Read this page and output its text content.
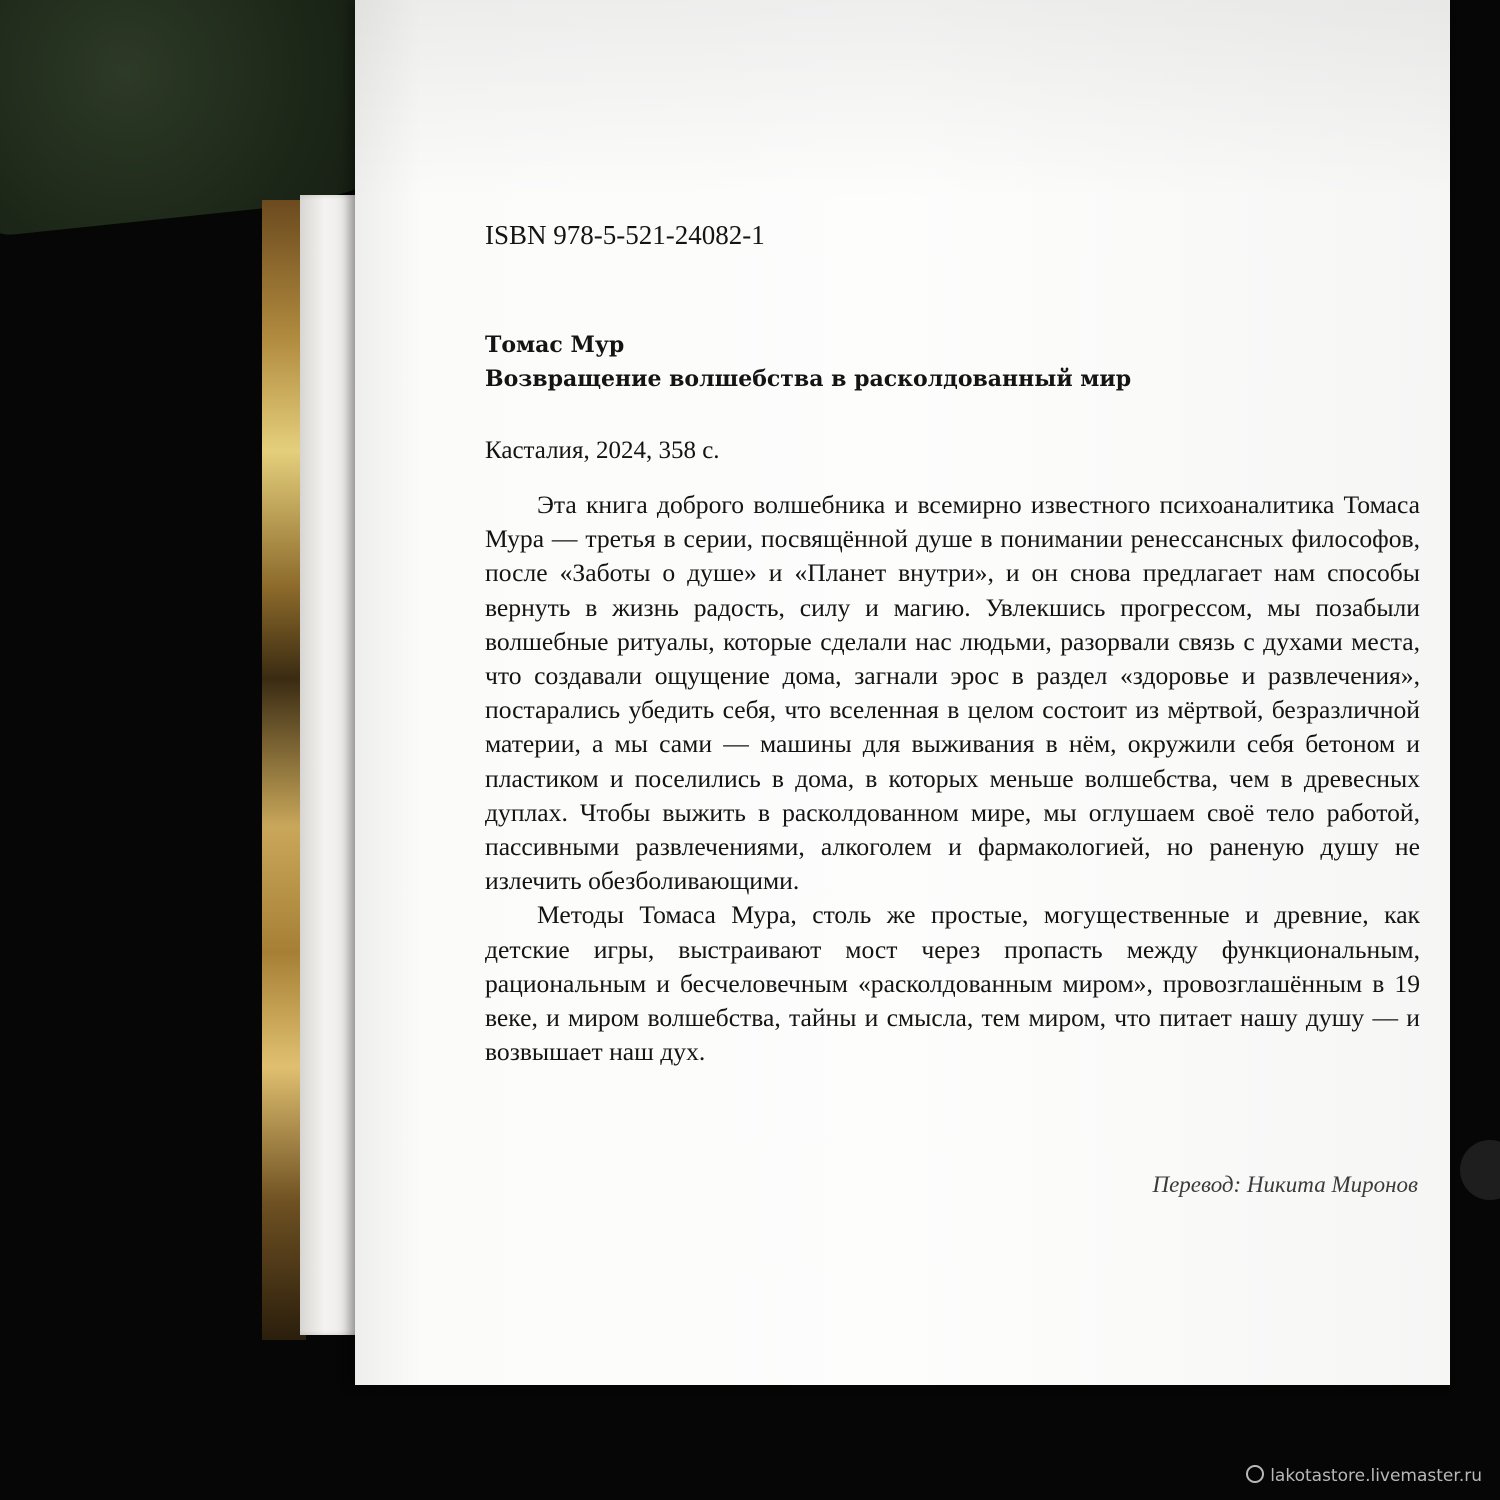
ISBN 978-5-521-24082-1

Томас Мур

Возвращение волшебства в расколдованный мир

Касталия, 2024, 358 с.

Эта книга доброго волшебника и всемирно известного психоаналитика Томаса Мура — третья в серии, посвящённой душе в понимании ренессансных философов, после «Заботы о душе» и «Планет внутри», и он снова предлагает нам способы вернуть в жизнь радость, силу и магию. Увлекшись прогрессом, мы позабыли волшебные ритуалы, которые сделали нас людьми, разорвали связь с духами места, что создавали ощущение дома, загнали эрос в раздел «здоровье и развлечения», постарались убедить себя, что вселенная в целом состоит из мёртвой, безразличной материи, а мы сами — машины для выживания в нём, окружили себя бетоном и пластиком и поселились в дома, в которых меньше волшебства, чем в древесных дуплах. Чтобы выжить в расколдованном мире, мы оглушаем своё тело работой, пассивными развлечениями, алкоголем и фармакологией, но раненую душу не излечить обезболивающими.

Методы Томаса Мура, столь же простые, могущественные и древние, как детские игры, выстраивают мост через пропасть между функциональным, рациональным и бесчеловечным «расколдованным миром», провозглашённым в 19 веке, и миром волшебства, тайны и смысла, тем миром, что питает нашу душу — и возвышает наш дух.

Перевод: Никита Миронов
lakotastore.livemaster.ru
